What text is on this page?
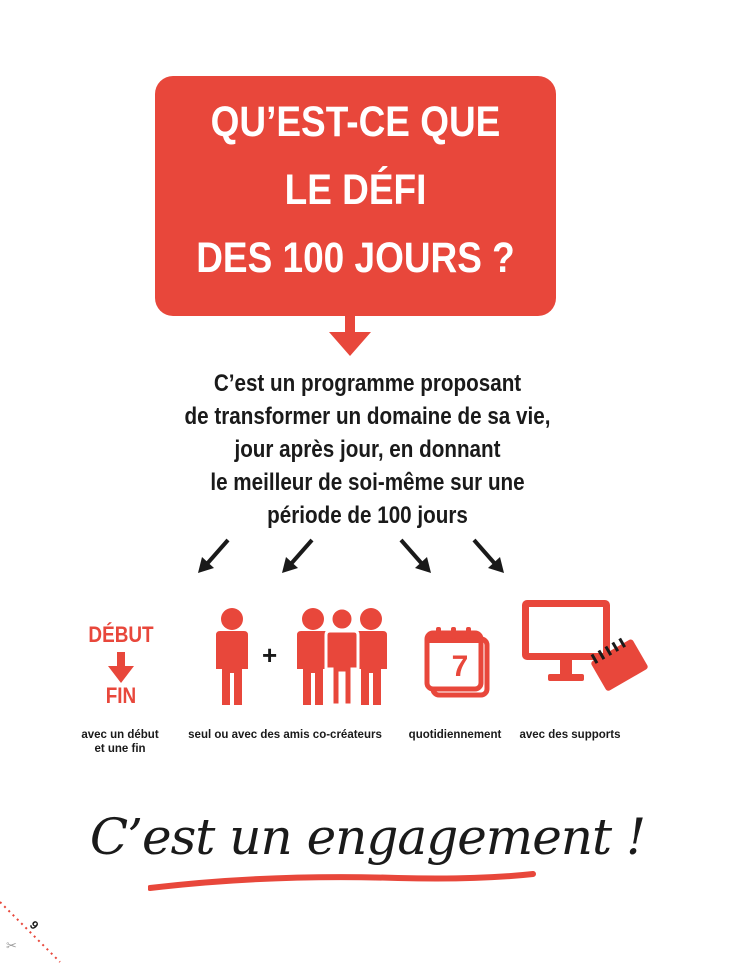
QU’EST-CE QUE
LE DÉFI
DES 100 JOURS ?
C’est un programme proposant
de transformer un domaine de sa vie,
jour après jour, en donnant
le meilleur de soi-même sur une
période de 100 jours
DÉBUT
FIN
avec un début
et une fin
+
seul ou avec des amis co-créateurs
7
quotidiennement	avec des supports
C’est un engagement !
✂
6
